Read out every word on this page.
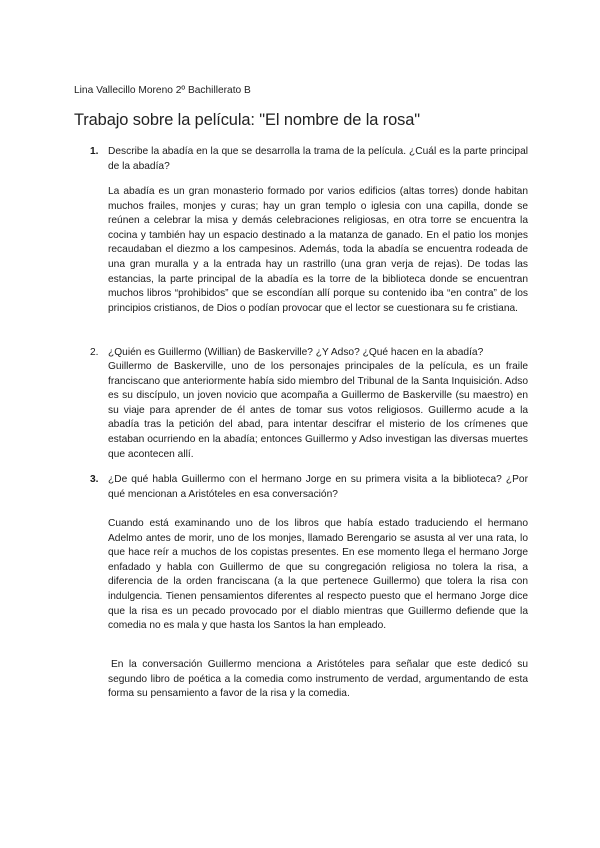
Lina Vallecillo Moreno 2º Bachillerato B
Trabajo sobre la película: "El nombre de la rosa"
1. Describe la abadía en la que se desarrolla la trama de la película. ¿Cuál es la parte principal de la abadía?
La abadía es un gran monasterio formado por varios edificios (altas torres) donde habitan muchos frailes, monjes y curas; hay un gran templo o iglesia con una capilla, donde se reúnen a celebrar la misa y demás celebraciones religiosas, en otra torre se encuentra la cocina y también hay un espacio destinado a la matanza de ganado. En el patio los monjes recaudaban el diezmo a los campesinos. Además, toda la abadía se encuentra rodeada de una gran muralla y a la entrada hay un rastrillo (una gran verja de rejas). De todas las estancias, la parte principal de la abadía es la torre de la biblioteca donde se encuentran muchos libros “prohibidos” que se escondían allí porque su contenido iba “en contra” de los principios cristianos, de Dios o podían provocar que el lector se cuestionara su fe cristiana.
2. ¿Quién es Guillermo (Willian) de Baskerville? ¿Y Adso? ¿Qué hacen en la abadía?
Guillermo de Baskerville, uno de los personajes principales de la película, es un fraile franciscano que anteriormente había sido miembro del Tribunal de la Santa Inquisición. Adso es su discípulo, un joven novicio que acompaña a Guillermo de Baskerville (su maestro) en su viaje para aprender de él antes de tomar sus votos religiosos. Guillermo acude a la abadía tras la petición del abad, para intentar descifrar el misterio de los crímenes que estaban ocurriendo en la abadía; entonces Guillermo y Adso investigan las diversas muertes que acontecen allí.
3. ¿De qué habla Guillermo con el hermano Jorge en su primera visita a la biblioteca? ¿Por qué mencionan a Aristóteles en esa conversación?
Cuando está examinando uno de los libros que había estado traduciendo el hermano Adelmo antes de morir, uno de los monjes, llamado Berengario se asusta al ver una rata, lo que hace reír a muchos de los copistas presentes. En ese momento llega el hermano Jorge enfadado y habla con Guillermo de que su congregación religiosa no tolera la risa, a diferencia de la orden franciscana (a la que pertenece Guillermo) que tolera la risa con indulgencia. Tienen pensamientos diferentes al respecto puesto que el hermano Jorge dice que la risa es un pecado provocado por el diablo mientras que Guillermo defiende que la comedia no es mala y que hasta los Santos la han empleado.
En la conversación Guillermo menciona a Aristóteles para señalar que este dedicó su segundo libro de poética a la comedia como instrumento de verdad, argumentando de esta forma su pensamiento a favor de la risa y la comedia.
